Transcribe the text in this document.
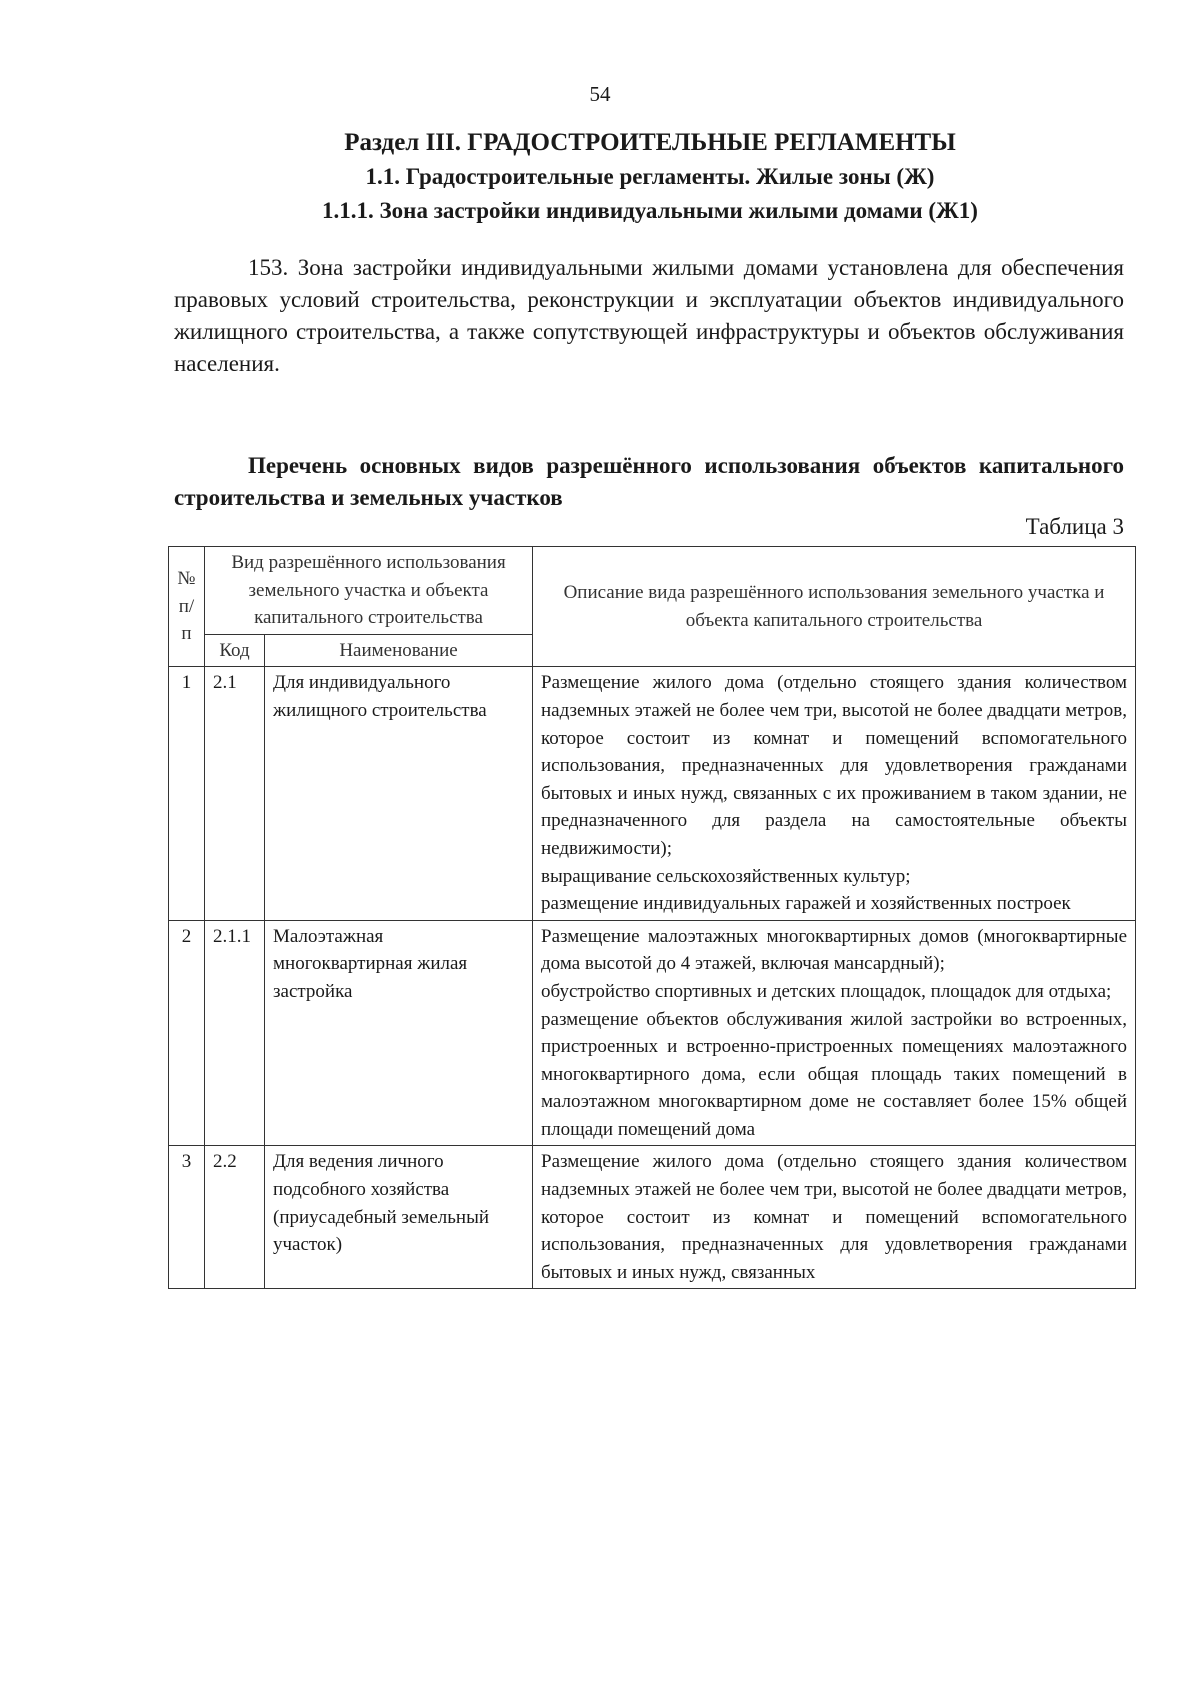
54
Раздел III. ГРАДОСТРОИТЕЛЬНЫЕ РЕГЛАМЕНТЫ
1.1. Градостроительные регламенты. Жилые зоны (Ж)
1.1.1. Зона застройки индивидуальными жилыми домами (Ж1)

153. Зона застройки индивидуальными жилыми домами установлена для обеспечения правовых условий строительства, реконструкции и эксплуатации объектов индивидуального жилищного строительства, а также сопутствующей инфраструктуры и объектов обслуживания населения.

Перечень основных видов разрешённого использования объектов капитального строительства и земельных участков

Таблица 3
№ п/п	Вид разрешённого использования земельного участка и объекта капитального строительства		Описание вида разрешённого использования земельного участка и объекта капитального строительства
	Код	Наименование	
1	2.1	Для индивидуального жилищного строительства	Размещение жилого дома (отдельно стоящего здания количеством надземных этажей не более чем три, высотой не более двадцати метров, которое состоит из комнат и помещений вспомогательного использования, предназначенных для удовлетворения гражданами бытовых и иных нужд, связанных с их проживанием в таком здании, не предназначенного для раздела на самостоятельные объекты недвижимости);
выращивание сельскохозяйственных культур;
размещение индивидуальных гаражей и хозяйственных построек

2	2.1.1	Малоэтажная многоквартирная жилая застройка	Размещение малоэтажных многоквартирных домов (многоквартирные дома высотой до 4 этажей, включая мансардный);
обустройство спортивных и детских площадок, площадок для отдыха;
размещение объектов обслуживания жилой застройки во встроенных, пристроенных и встроенно-пристроенных помещениях малоэтажного многоквартирного дома, если общая площадь таких помещений в малоэтажном многоквартирном доме не составляет более 15% общей площади помещений дома

3	2.2	Для ведения личного подсобного хозяйства (приусадебный земельный участок)	Размещение жилого дома (отдельно стоящего здания количеством надземных этажей не более чем три, высотой не более двадцати метров, которое состоит из комнат и помещений вспомогательного использования, предназначенных для удовлетворения гражданами бытовых и иных нужд, связанных
